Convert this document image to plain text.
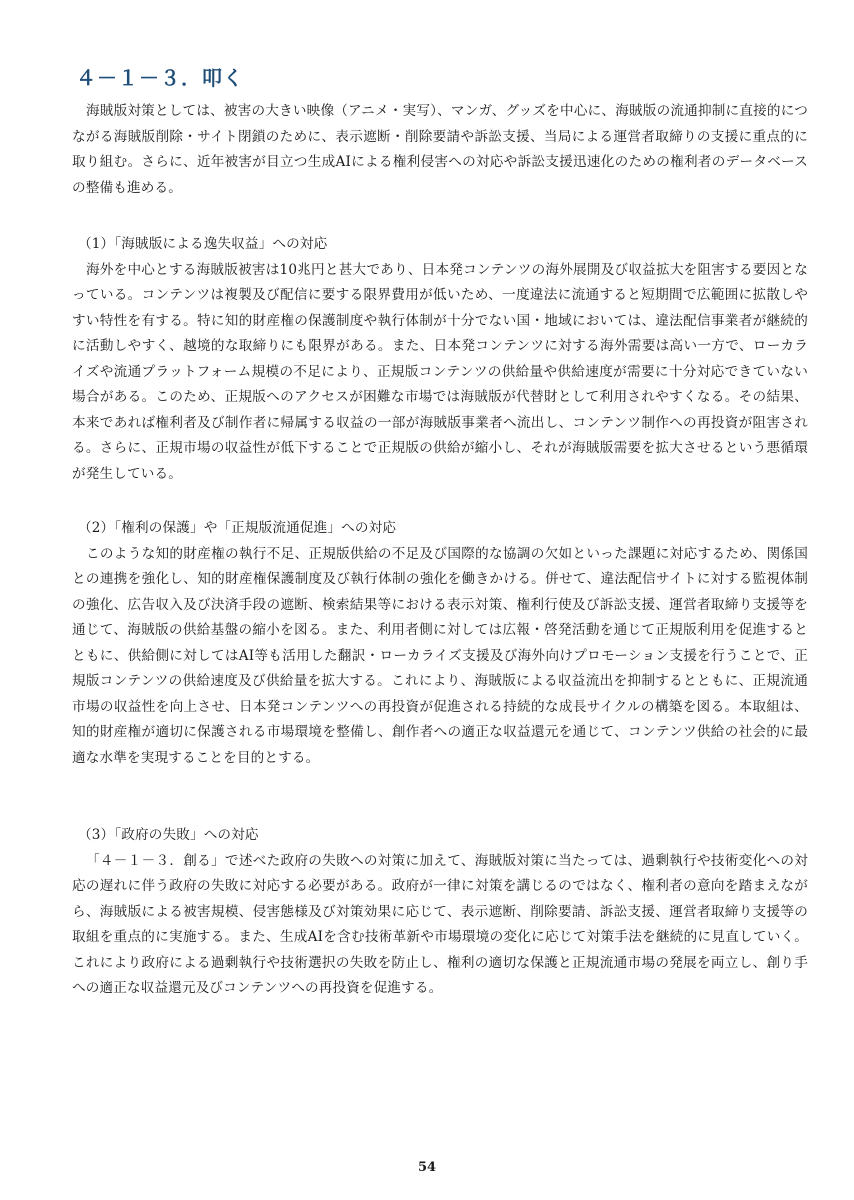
４－１－３．叩く

海賊版対策としては、被害の大きい映像（アニメ・実写）、マンガ、グッズを中心に、海賊版の流通抑制に直接的につながる海賊版削除・サイト閉鎖のために、表示遮断・削除要請や訴訟支援、当局による運営者取締りの支援に重点的に取り組む。さらに、近年被害が目立つ生成AIによる権利侵害への対応や訴訟支援迅速化のための権利者のデータベースの整備も進める。

（1）「海賊版による逸失収益」への対応

海外を中心とする海賊版被害は10兆円と甚大であり、日本発コンテンツの海外展開及び収益拡大を阻害する要因となっている。コンテンツは複製及び配信に要する限界費用が低いため、一度違法に流通すると短期間で広範囲に拡散しやすい特性を有する。特に知的財産権の保護制度や執行体制が十分でない国・地域においては、違法配信事業者が継続的に活動しやすく、越境的な取締りにも限界がある。また、日本発コンテンツに対する海外需要は高い一方で、ローカライズや流通プラットフォーム規模の不足により、正規版コンテンツの供給量や供給速度が需要に十分対応できていない場合がある。このため、正規版へのアクセスが困難な市場では海賊版が代替財として利用されやすくなる。その結果、本来であれば権利者及び制作者に帰属する収益の一部が海賊版事業者へ流出し、コンテンツ制作への再投資が阻害される。さらに、正規市場の収益性が低下することで正規版の供給が縮小し、それが海賊版需要を拡大させるという悪循環が発生している。

（2）「権利の保護」や「正規版流通促進」への対応

このような知的財産権の執行不足、正規版供給の不足及び国際的な協調の欠如といった課題に対応するため、関係国との連携を強化し、知的財産権保護制度及び執行体制の強化を働きかける。併せて、違法配信サイトに対する監視体制の強化、広告収入及び決済手段の遮断、検索結果等における表示対策、権利行使及び訴訟支援、運営者取締り支援等を通じて、海賊版の供給基盤の縮小を図る。また、利用者側に対しては広報・啓発活動を通じて正規版利用を促進するとともに、供給側に対してはAI等も活用した翻訳・ローカライズ支援及び海外向けプロモーション支援を行うことで、正規版コンテンツの供給速度及び供給量を拡大する。これにより、海賊版による収益流出を抑制するとともに、正規流通市場の収益性を向上させ、日本発コンテンツへの再投資が促進される持続的な成長サイクルの構築を図る。本取組は、知的財産権が適切に保護される市場環境を整備し、創作者への適正な収益還元を通じて、コンテンツ供給の社会的に最適な水準を実現することを目的とする。

（3）「政府の失敗」への対応

「４－１－３．創る」で述べた政府の失敗への対策に加えて、海賊版対策に当たっては、過剰執行や技術変化への対応の遅れに伴う政府の失敗に対応する必要がある。政府が一律に対策を講じるのではなく、権利者の意向を踏まえながら、海賊版による被害規模、侵害態様及び対策効果に応じて、表示遮断、削除要請、訴訟支援、運営者取締り支援等の取組を重点的に実施する。また、生成AIを含む技術革新や市場環境の変化に応じて対策手法を継続的に見直していく。これにより政府による過剰執行や技術選択の失敗を防止し、権利の適切な保護と正規流通市場の発展を両立し、創り手への適正な収益還元及びコンテンツへの再投資を促進する。

54
